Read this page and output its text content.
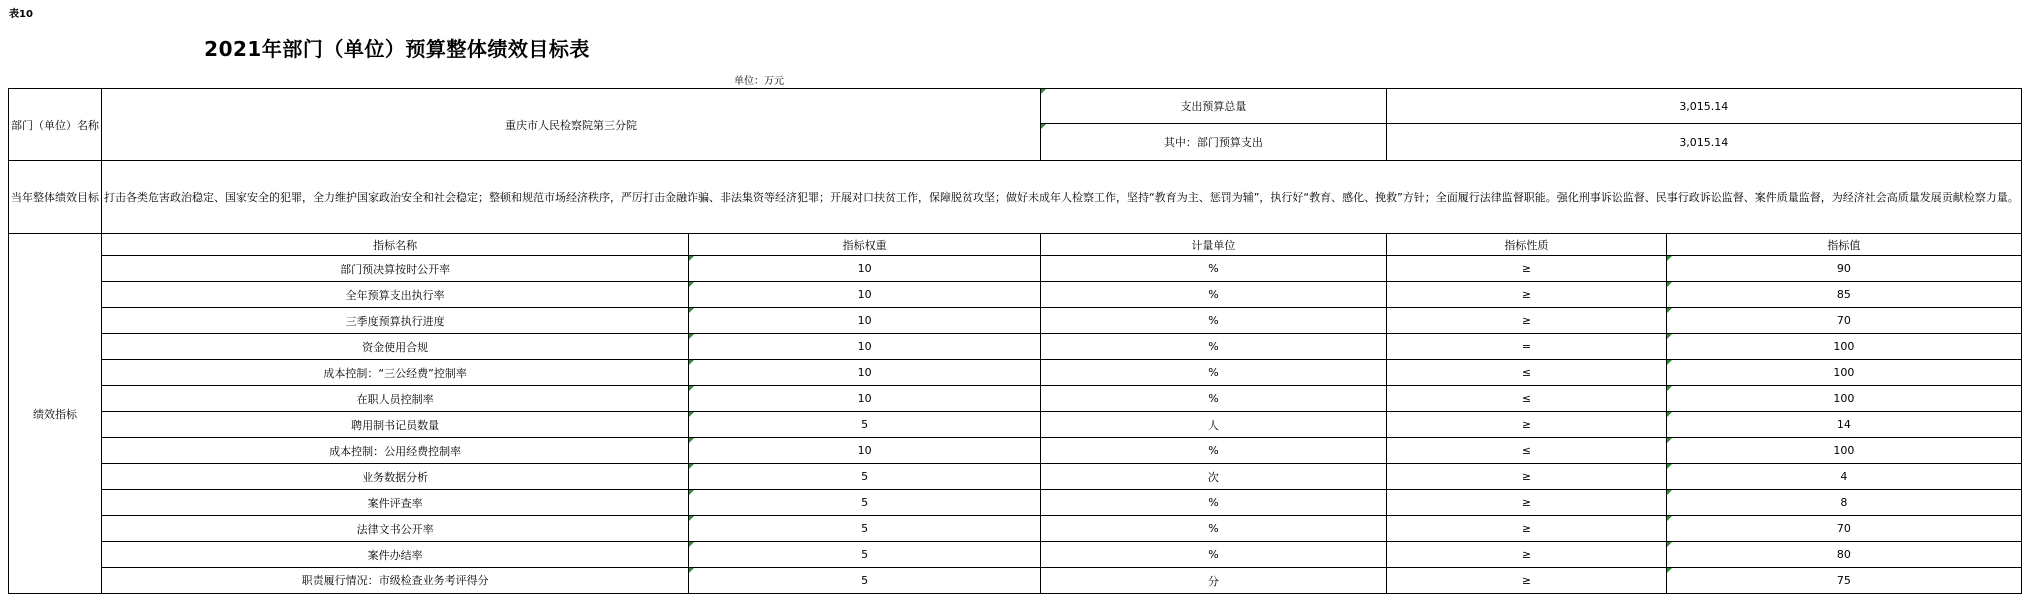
表10
2021年部门（单位）预算整体绩效目标表
单位：万元
部门（单位）名称	重庆市人民检察院第三分院		支出预算总量	3,015.14	
			其中：部门预算支出	3,015.14	
当年整体绩效目标	打击各类危害政治稳定、国家安全的犯罪，全力维护国家政治安全和社会稳定；整顿和规范市场经济秩序，严厉打击金融诈骗、非法集资等经济犯罪；开展对口扶贫工作，保障脱贫攻坚；做好未成年人检察工作，坚持“教育为主、惩罚为辅”，执行好“教育、感化、挽救”方针；全面履行法律监督职能。强化刑事诉讼监督、民事行政诉讼监督、案件质量监督，为经济社会高质量发展贡献检察力量。				
绩效指标	指标名称	指标权重	计量单位	指标性质	指标值
	部门预决算按时公开率	10	%	≥	90
	全年预算支出执行率	10	%	≥	85
	三季度预算执行进度	10	%	≥	70
	资金使用合规	10	%	=	100
	成本控制：“三公经费”控制率	10	%	≤	100
	在职人员控制率	10	%	≤	100
	聘用制书记员数量	5	人	≥	14
	成本控制：公用经费控制率	10	%	≤	100
	业务数据分析	5	次	≥	4
	案件评查率	5	%	≥	8
	法律文书公开率	5	%	≥	70
	案件办结率	5	%	≥	80
	职责履行情况：市级检查业务考评得分	5	分	≥	75
